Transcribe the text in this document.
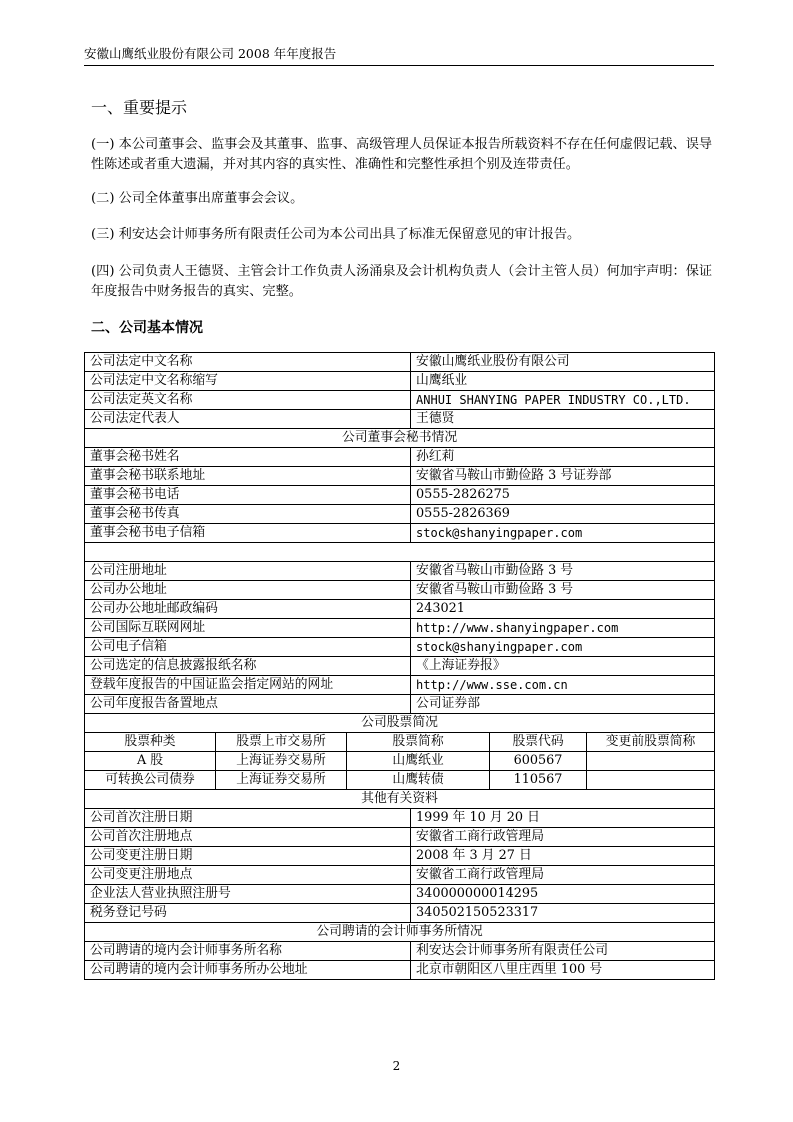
安徽山鹰纸业股份有限公司 2008 年年度报告
一、重要提示
(一) 本公司董事会、监事会及其董事、监事、高级管理人员保证本报告所载资料不存在任何虚假记载、误导性陈述或者重大遗漏，并对其内容的真实性、准确性和完整性承担个别及连带责任。
(二) 公司全体董事出席董事会会议。
(三) 利安达会计师事务所有限责任公司为本公司出具了标准无保留意见的审计报告。
(四) 公司负责人王德贤、主管会计工作负责人汤涌泉及会计机构负责人（会计主管人员）何加宇声明：保证年度报告中财务报告的真实、完整。
二、公司基本情况
公司法定中文名称			安徽山鹰纸业股份有限公司		
公司法定中文名称缩写			山鹰纸业		
公司法定英文名称			ANHUI SHANYING PAPER INDUSTRY CO.,LTD.		
公司法定代表人			王德贤		
公司董事会秘书情况					
董事会秘书姓名			孙红莉		
董事会秘书联系地址			安徽省马鞍山市勤俭路 3 号证券部		
董事会秘书电话			0555-2826275		
董事会秘书传真			0555-2826369		
董事会秘书电子信箱			stock@shanyingpaper.com		

公司注册地址			安徽省马鞍山市勤俭路 3 号		
公司办公地址			安徽省马鞍山市勤俭路 3 号		
公司办公地址邮政编码			243021		
公司国际互联网网址			http://www.shanyingpaper.com		
公司电子信箱			stock@shanyingpaper.com		
公司选定的信息披露报纸名称			《上海证券报》		
登载年度报告的中国证监会指定网站的网址			http://www.sse.com.cn		
公司年度报告备置地点			公司证券部		
公司股票简况					
股票种类	股票上市交易所	股票简称		股票代码	变更前股票简称
A 股	上海证券交易所	山鹰纸业		600567	
可转换公司债券	上海证券交易所	山鹰转债		110567	
其他有关资料					
公司首次注册日期			1999 年 10 月 20 日		
公司首次注册地点			安徽省工商行政管理局		
公司变更注册日期			2008 年 3 月 27 日		
公司变更注册地点			安徽省工商行政管理局		
企业法人营业执照注册号			340000000014295		
税务登记号码			340502150523317		
公司聘请的会计师事务所情况					
公司聘请的境内会计师事务所名称			利安达会计师事务所有限责任公司		
公司聘请的境内会计师事务所办公地址			北京市朝阳区八里庄西里 100 号		
2
